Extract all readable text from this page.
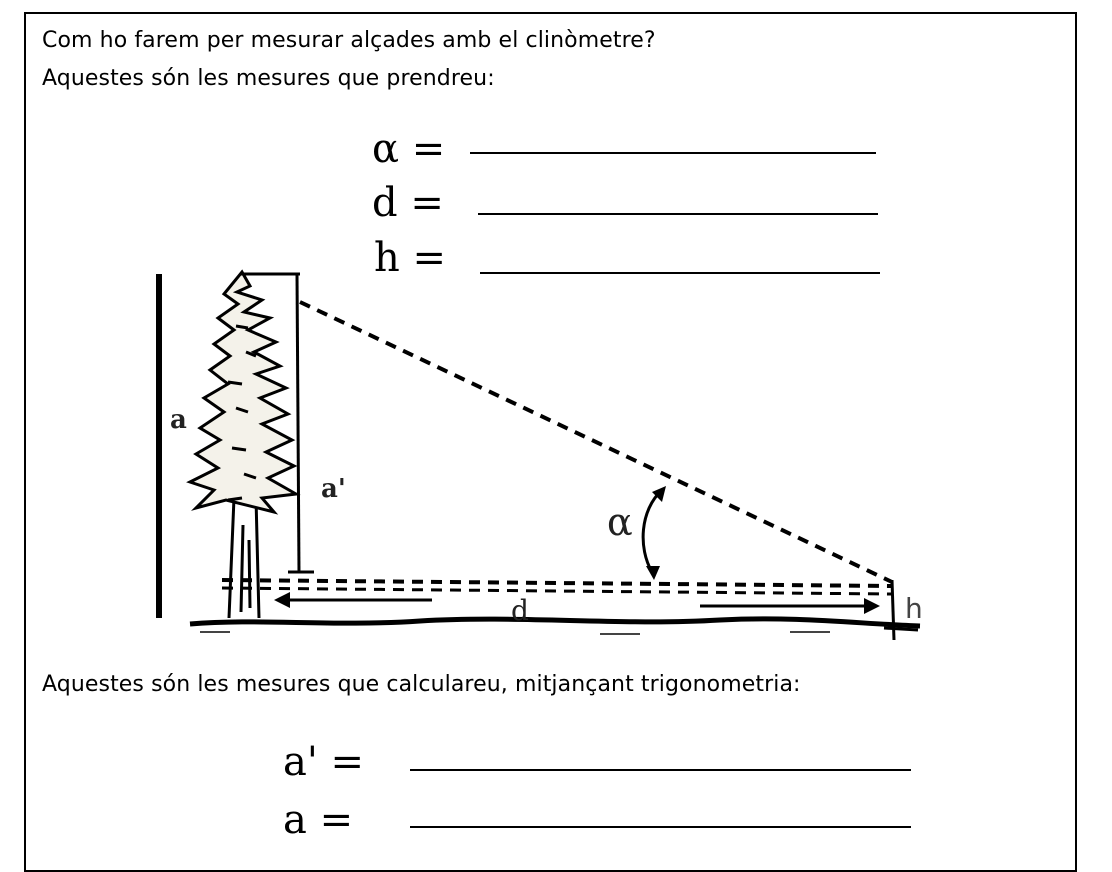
Com ho farem per mesurar alçades amb el clinòmetre?

Aquestes són les mesures que prendreu:

α =
d =
h =
a
a'
α
d	h

Aquestes són les mesures que calculareu, mitjançant trigonometria:

a' =
a =
